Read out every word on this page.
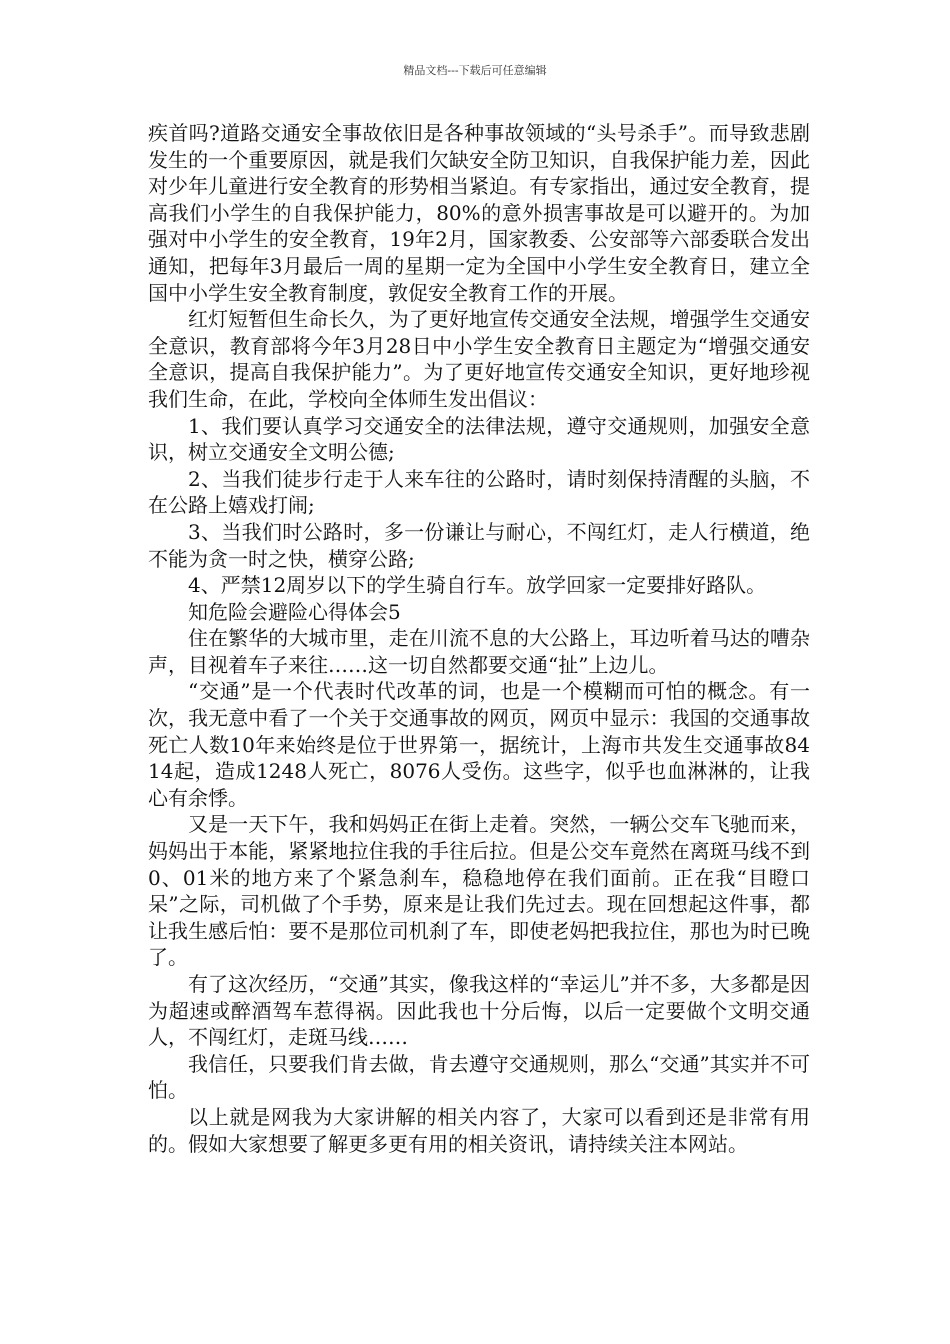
精品文档---下载后可任意编辑

疾首吗?道路交通安全事故依旧是各种事故领域的“头号杀手”。而导致悲剧发生的一个重要原因，就是我们欠缺安全防卫知识，自我保护能力差，因此对少年儿童进行安全教育的形势相当紧迫。有专家指出，通过安全教育，提高我们小学生的自我保护能力，80%的意外损害事故是可以避开的。为加强对中小学生的安全教育，19年2月，国家教委、公安部等六部委联合发出通知，把每年3月最后一周的星期一定为全国中小学生安全教育日，建立全国中小学生安全教育制度，敦促安全教育工作的开展。

红灯短暂但生命长久，为了更好地宣传交通安全法规，增强学生交通安全意识，教育部将今年3月28日中小学生安全教育日主题定为“增强交通安全意识，提高自我保护能力”。为了更好地宣传交通安全知识，更好地珍视我们生命，在此，学校向全体师生发出倡议：

1、我们要认真学习交通安全的法律法规，遵守交通规则，加强安全意识，树立交通安全文明公德;

2、当我们徒步行走于人来车往的公路时，请时刻保持清醒的头脑，不在公路上嬉戏打闹;

3、当我们时公路时，多一份谦让与耐心，不闯红灯，走人行横道，绝不能为贪一时之快，横穿公路;

4、严禁12周岁以下的学生骑自行车。放学回家一定要排好路队。

知危险会避险心得体会5

住在繁华的大城市里，走在川流不息的大公路上，耳边听着马达的嘈杂声，目视着车子来往……这一切自然都要交通“扯”上边儿。

“交通”是一个代表时代改革的词，也是一个模糊而可怕的概念。有一次，我无意中看了一个关于交通事故的网页，网页中显示：我国的交通事故死亡人数10年来始终是位于世界第一，据统计，上海市共发生交通事故8414起，造成1248人死亡，8076人受伤。这些字，似乎也血淋淋的，让我心有余悸。

又是一天下午，我和妈妈正在街上走着。突然，一辆公交车飞驰而来，妈妈出于本能，紧紧地拉住我的手往后拉。但是公交车竟然在离斑马线不到0、01米的地方来了个紧急刹车，稳稳地停在我们面前。正在我“目瞪口呆”之际，司机做了个手势，原来是让我们先过去。现在回想起这件事，都让我生感后怕：要不是那位司机刹了车，即使老妈把我拉住，那也为时已晚了。

有了这次经历，“交通”其实，像我这样的“幸运儿”并不多，大多都是因为超速或醉酒驾车惹得祸。因此我也十分后悔，以后一定要做个文明交通人，不闯红灯，走斑马线……

我信任，只要我们肯去做，肯去遵守交通规则，那么“交通”其实并不可怕。

以上就是网我为大家讲解的相关内容了，大家可以看到还是非常有用的。假如大家想要了解更多更有用的相关资讯，请持续关注本网站。
